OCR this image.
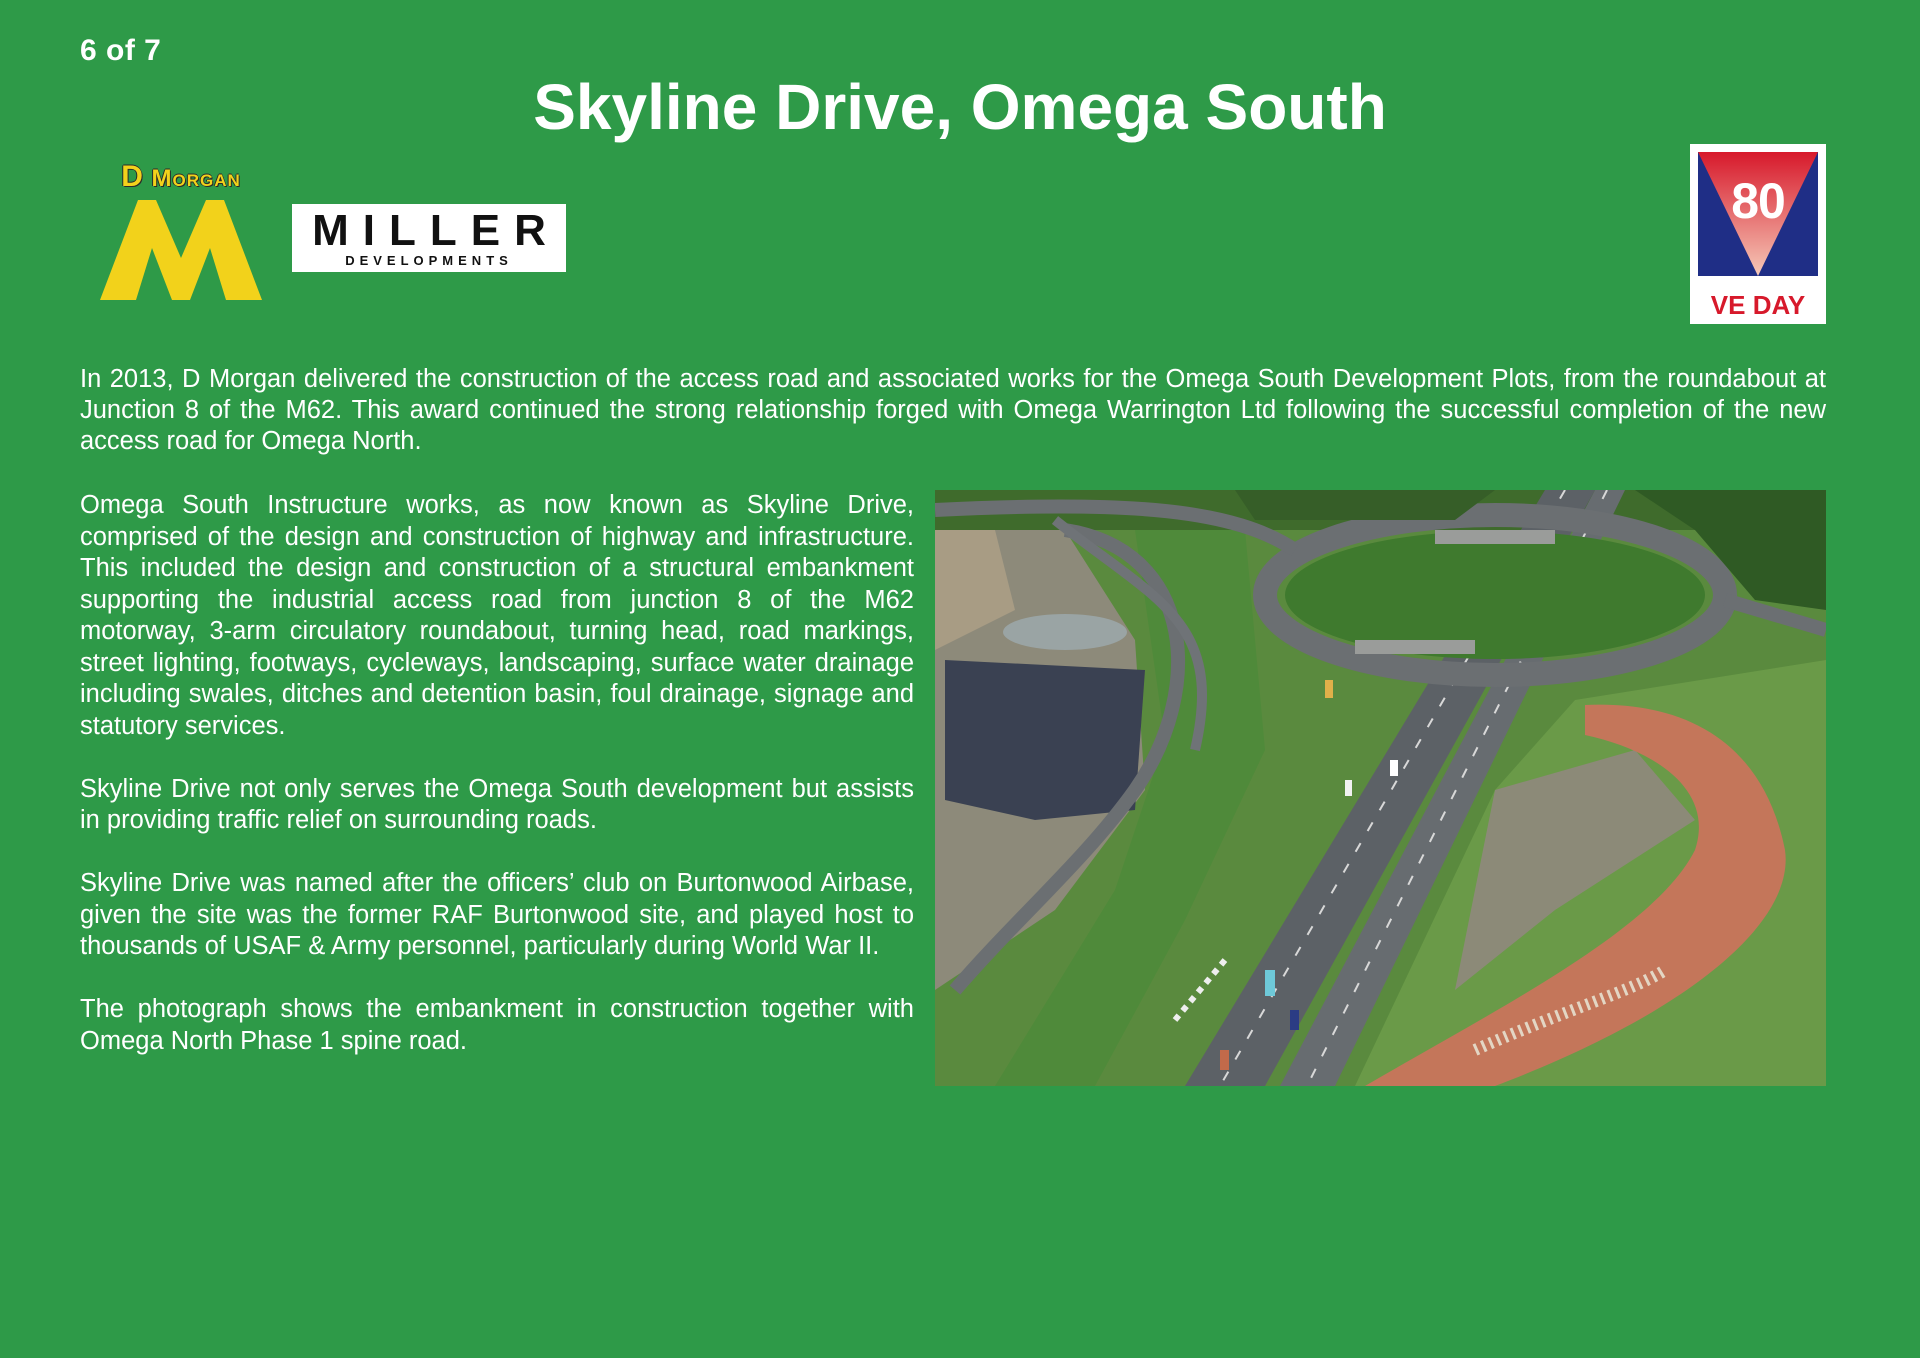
6 of 7
Skyline Drive, Omega South
D Morgan
MILLER
DEVELOPMENTS
80
VE DAY

In 2013, D Morgan delivered the construction of the access road and associated works for the Omega South Development Plots, from the roundabout at Junction 8 of the M62. This award continued the strong relationship forged with Omega Warrington Ltd following the successful completion of the new access road for Omega North.

Omega South Instructure works, as now known as Skyline Drive, comprised of the design and construction of highway and infrastructure. This included the design and construction of a structural embankment supporting the industrial access road from junction 8 of the M62 motorway, 3-arm circulatory roundabout, turning head, road markings, street lighting, footways, cycleways, landscaping, surface water drainage including swales, ditches and detention basin, foul drainage, signage and statutory services.

Skyline Drive not only serves the Omega South development but assists in providing traffic relief on surrounding roads.

Skyline Drive was named after the officers’ club on Burtonwood Airbase, given the site was the former RAF Burtonwood site, and played host to thousands of USAF & Army personnel, particularly during World War II.

The photograph shows the embankment in construction together with Omega North Phase 1 spine road.
